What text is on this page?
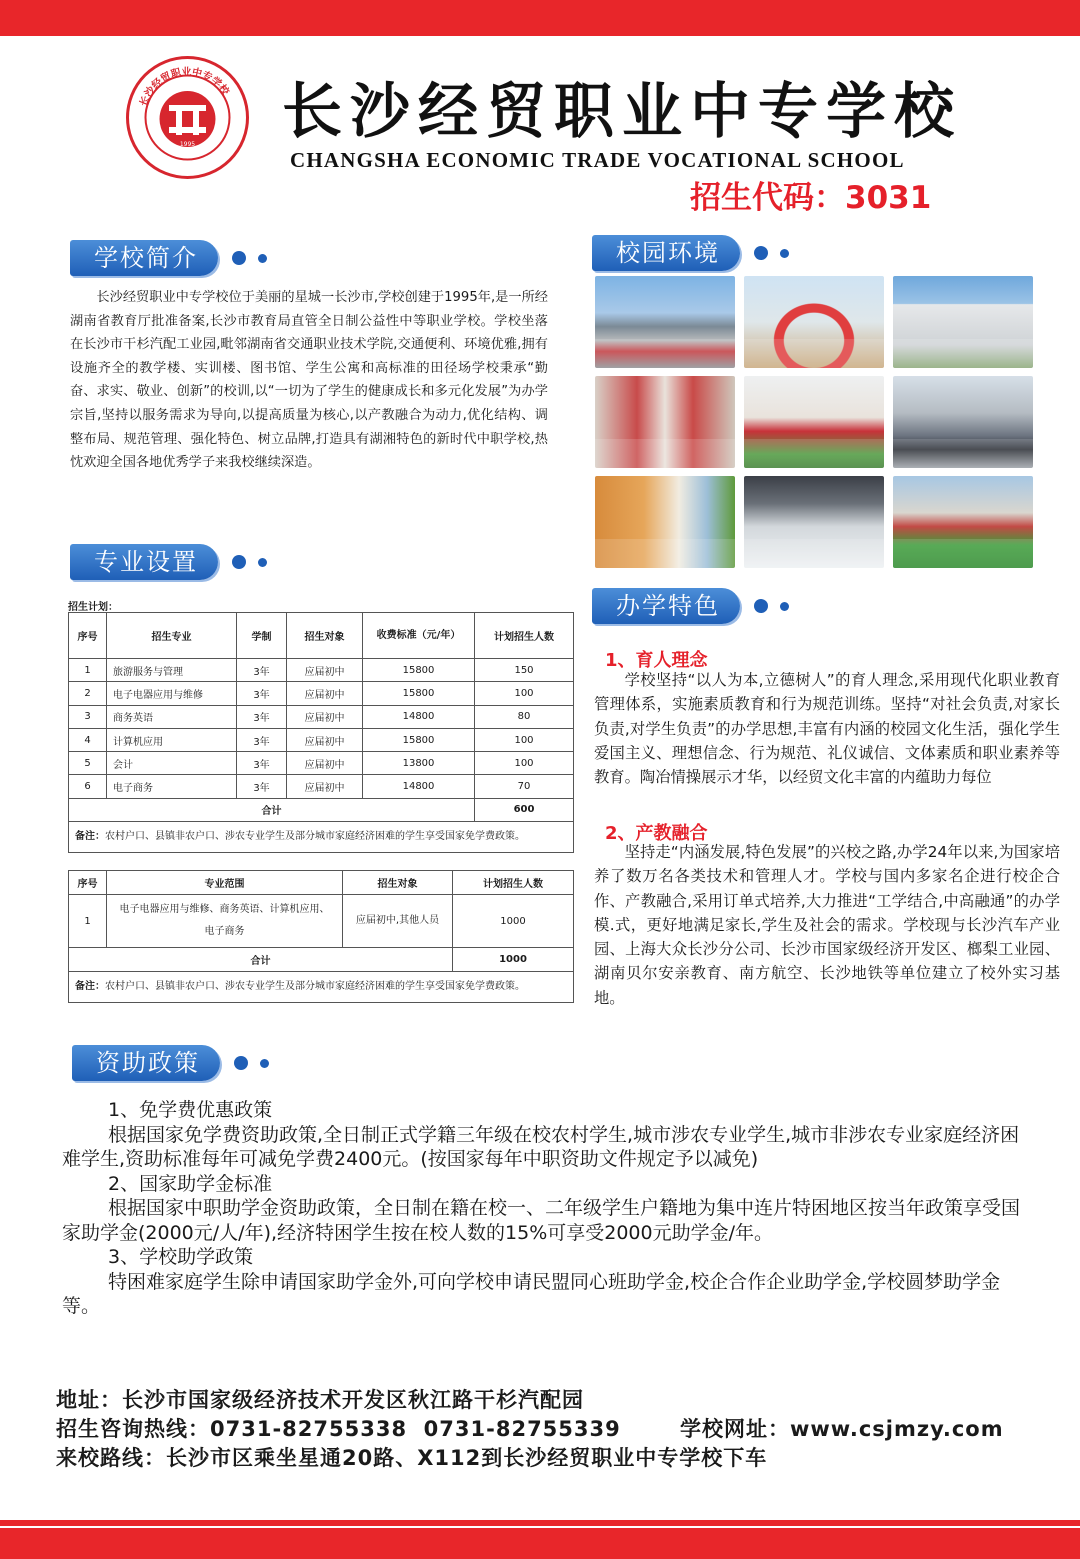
长沙经贸职业中专学校
1995 长沙经贸职业中专学校
CHANGSHA ECONOMIC TRADE VOCATIONAL SCHOOL
招生代码：3031
学校简介	校园环境
专业设置
办学特色
资助政策
长沙经贸职业中专学校位于美丽的星城一长沙市,学校创建于1995年,是一所经湖南省教育厅批准备案,长沙市教育局直管全日制公益性中等职业学校。学校坐落在长沙市干杉汽配工业园,毗邻湖南省交通职业技术学院,交通便利、环境优雅,拥有设施齐全的教学楼、实训楼、图书馆、学生公寓和高标准的田径场学校秉承“勤奋、求实、敬业、创新”的校训,以“一切为了学生的健康成长和多元化发展”为办学宗旨,坚持以服务需求为导向,以提高质量为核心,以产教融合为动力,优化结构、调整布局、规范管理、强化特色、树立品牌,打造具有湖湘特色的新时代中职学校,热忱欢迎全国各地优秀学子来我校继续深造。
招生计划：
序号	招生专业	学制	招生对象	收费标准（元/年）	计划招生人数
1	旅游服务与管理	3年	应届初中	15800	150
2	电子电器应用与维修	3年	应届初中	15800	100
3	商务英语	3年	应届初中	14800	80
4	计算机应用	3年	应届初中	15800	100
5	会计	3年	应届初中	13800	100
6	电子商务	3年	应届初中	14800	70
合计					600
备注：农村户口、县镇非农户口、涉农专业学生及部分城市家庭经济困难的学生享受国家免学费政策。					
序号	专业范围	招生对象	计划招生人数
1	电子电器应用与维修、商务英语、计算机应用、电子商务	应届初中,其他人员	1000
合计			1000
备注：农村户口、县镇非农户口、涉农专业学生及部分城市家庭经济困难的学生享受国家免学费政策。			
1、育人理念
学校坚持“以人为本,立德树人”的育人理念,采用现代化职业教育管理体系，实施素质教育和行为规范训练。坚持“对社会负责,对家长负责,对学生负责”的办学思想,丰富有内涵的校园文化生活，强化学生爱国主义、理想信念、行为规范、礼仪诚信、文体素质和职业素养等教育。陶冶情操展示才华，以经贸文化丰富的内蕴助力每位
2、产教融合
坚持走“内涵发展,特色发展”的兴校之路,办学24年以来,为国家培养了数万名各类技术和管理人才。学校与国内多家名企进行校企合作、产教融合,采用订单式培养,大力推进“工学结合,中高融通”的办学模.式，更好地满足家长,学生及社会的需求。学校现与长沙汽车产业园、上海大众长沙分公司、长沙市国家级经济开发区、榔梨工业园、湖南贝尔安亲教育、南方航空、长沙地铁等单位建立了校外实习基地。
1、免学费优惠政策
根据国家免学费资助政策,全日制正式学籍三年级在校农村学生,城市涉农专业学生,城市非涉农专业家庭经济困难学生,资助标准每年可减免学费2400元。(按国家每年中职资助文件规定予以减免)
2、国家助学金标准
根据国家中职助学金资助政策，全日制在籍在校一、二年级学生户籍地为集中连片特困地区按当年政策享受国家助学金(2000元/人/年),经济特困学生按在校人数的15%可享受2000元助学金/年。
3、学校助学政策
特困难家庭学生除申请国家助学金外,可向学校申请民盟同心班助学金,校企合作企业助学金,学校圆梦助学金等。
地址：长沙市国家级经济技术开发区秋江路干杉汽配园
招生咨询热线：0731-82755338  0731-82755339	学校网址：www.csjmzy.com
来校路线：长沙市区乘坐星通20路、X112到长沙经贸职业中专学校下车
